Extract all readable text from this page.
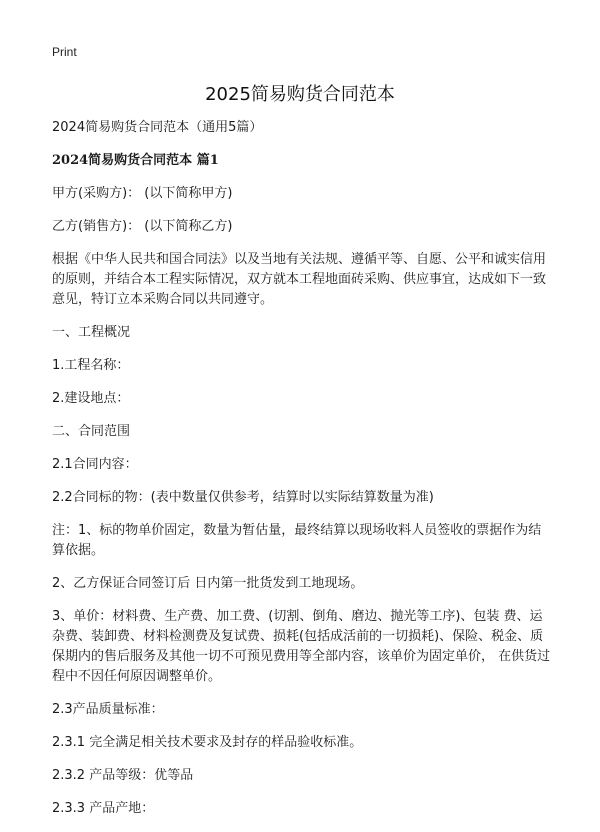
Print
2025简易购货合同范本

2024简易购货合同范本（通用5篇）

2024简易购货合同范本 篇1

甲方(采购方)： (以下简称甲方)

乙方(销售方)： (以下简称乙方)

根据《中华人民共和国合同法》以及当地有关法规、遵循平等、自愿、公平和诚实信用的原则，并结合本工程实际情况，双方就本工程地面砖采购、供应事宜，达成如下一致意见，特订立本采购合同以共同遵守。

一、工程概况

1.工程名称：

2.建设地点：

二、合同范围

2.1合同内容：

2.2合同标的物：(表中数量仅供参考，结算时以实际结算数量为准)

注：1、标的物单价固定，数量为暂估量，最终结算以现场收料人员签收的票据作为结算依据。

2、乙方保证合同签订后 日内第一批货发到工地现场。

3、单价：材料费、生产费、加工费、(切割、倒角、磨边、抛光等工序)、包装 费、运杂费、装卸费、材料检测费及复试费、损耗(包括成活前的一切损耗)、保险、税金、质保期内的售后服务及其他一切不可预见费用等全部内容，该单价为固定单价， 在供货过程中不因任何原因调整单价。

2.3产品质量标准：

2.3.1 完全满足相关技术要求及封存的样品验收标准。

2.3.2 产品等级：优等品

2.3.3 产品产地：
